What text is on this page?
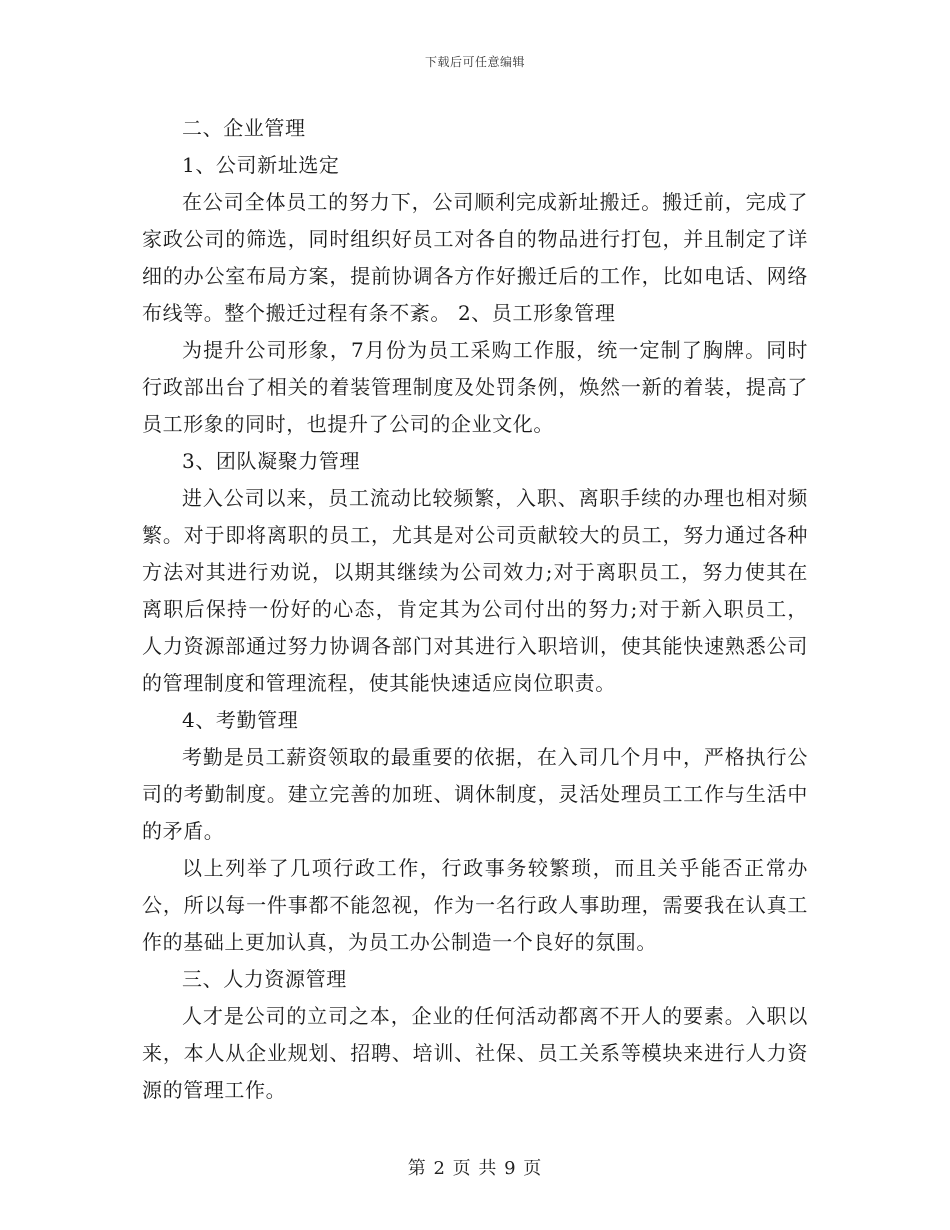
下载后可任意编辑

二、企业管理

1、公司新址选定

在公司全体员工的努力下，公司顺利完成新址搬迁。搬迁前，完成了家政公司的筛选，同时组织好员工对各自的物品进行打包，并且制定了详细的办公室布局方案，提前协调各方作好搬迁后的工作，比如电话、网络布线等。整个搬迁过程有条不紊。 2、员工形象管理

为提升公司形象，7月份为员工采购工作服，统一定制了胸牌。同时行政部出台了相关的着装管理制度及处罚条例，焕然一新的着装，提高了员工形象的同时，也提升了公司的企业文化。

3、团队凝聚力管理

进入公司以来，员工流动比较频繁，入职、离职手续的办理也相对频繁。对于即将离职的员工，尤其是对公司贡献较大的员工，努力通过各种方法对其进行劝说，以期其继续为公司效力;对于离职员工，努力使其在离职后保持一份好的心态，肯定其为公司付出的努力;对于新入职员工，人力资源部通过努力协调各部门对其进行入职培训，使其能快速熟悉公司的管理制度和管理流程，使其能快速适应岗位职责。

4、考勤管理

考勤是员工薪资领取的最重要的依据，在入司几个月中，严格执行公司的考勤制度。建立完善的加班、调休制度，灵活处理员工工作与生活中的矛盾。

以上列举了几项行政工作，行政事务较繁琐，而且关乎能否正常办公，所以每一件事都不能忽视，作为一名行政人事助理，需要我在认真工作的基础上更加认真，为员工办公制造一个良好的氛围。

三、人力资源管理

人才是公司的立司之本，企业的任何活动都离不开人的要素。入职以来，本人从企业规划、招聘、培训、社保、员工关系等模块来进行人力资源的管理工作。

第 2 页 共 9 页
